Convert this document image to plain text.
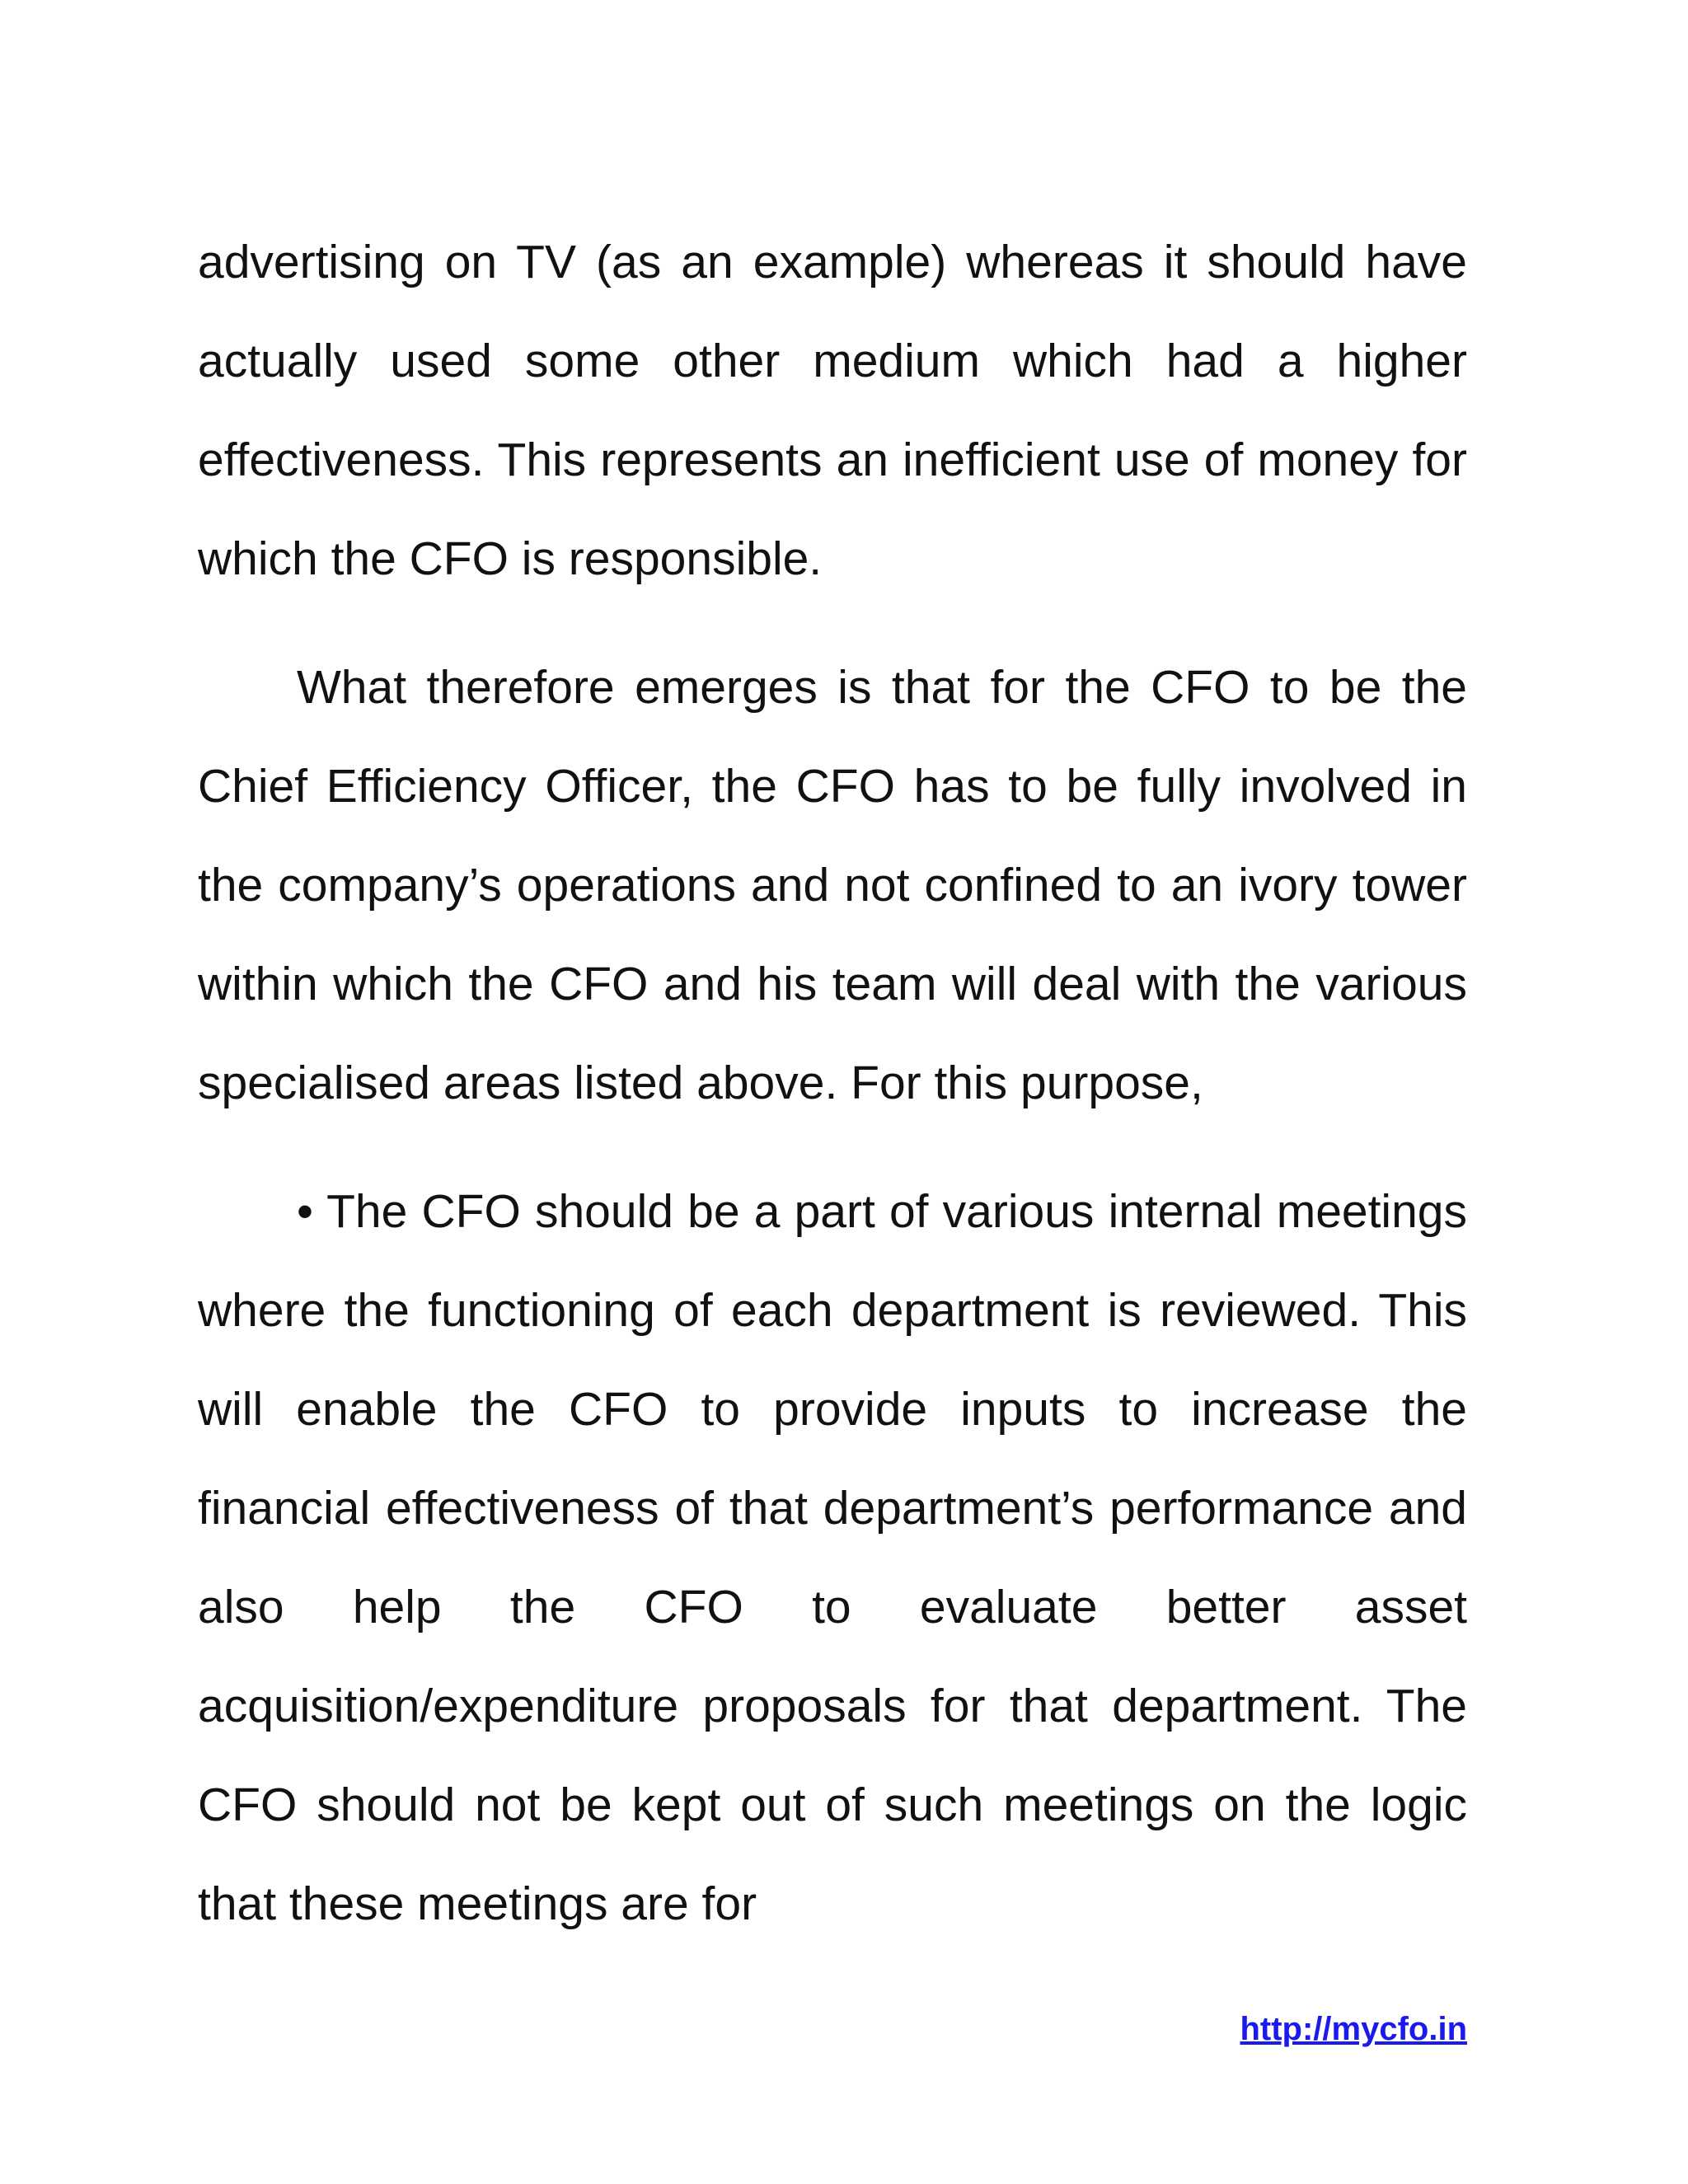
advertising on TV (as an example) whereas it should have actually used some other medium which had a higher effectiveness. This represents an inefficient use of money for which the CFO is responsible.

What therefore emerges is that for the CFO to be the Chief Efficiency Officer, the CFO has to be fully involved in the company’s operations and not confined to an ivory tower within which the CFO and his team will deal with the various specialised areas listed above. For this purpose,

• The CFO should be a part of various internal meetings where the functioning of each department is reviewed. This will enable the CFO to provide inputs to increase the financial effectiveness of that department’s performance and also help the CFO to evaluate better asset acquisition/expenditure proposals for that department. The CFO should not be kept out of such meetings on the logic that these meetings are for

http://mycfo.in
